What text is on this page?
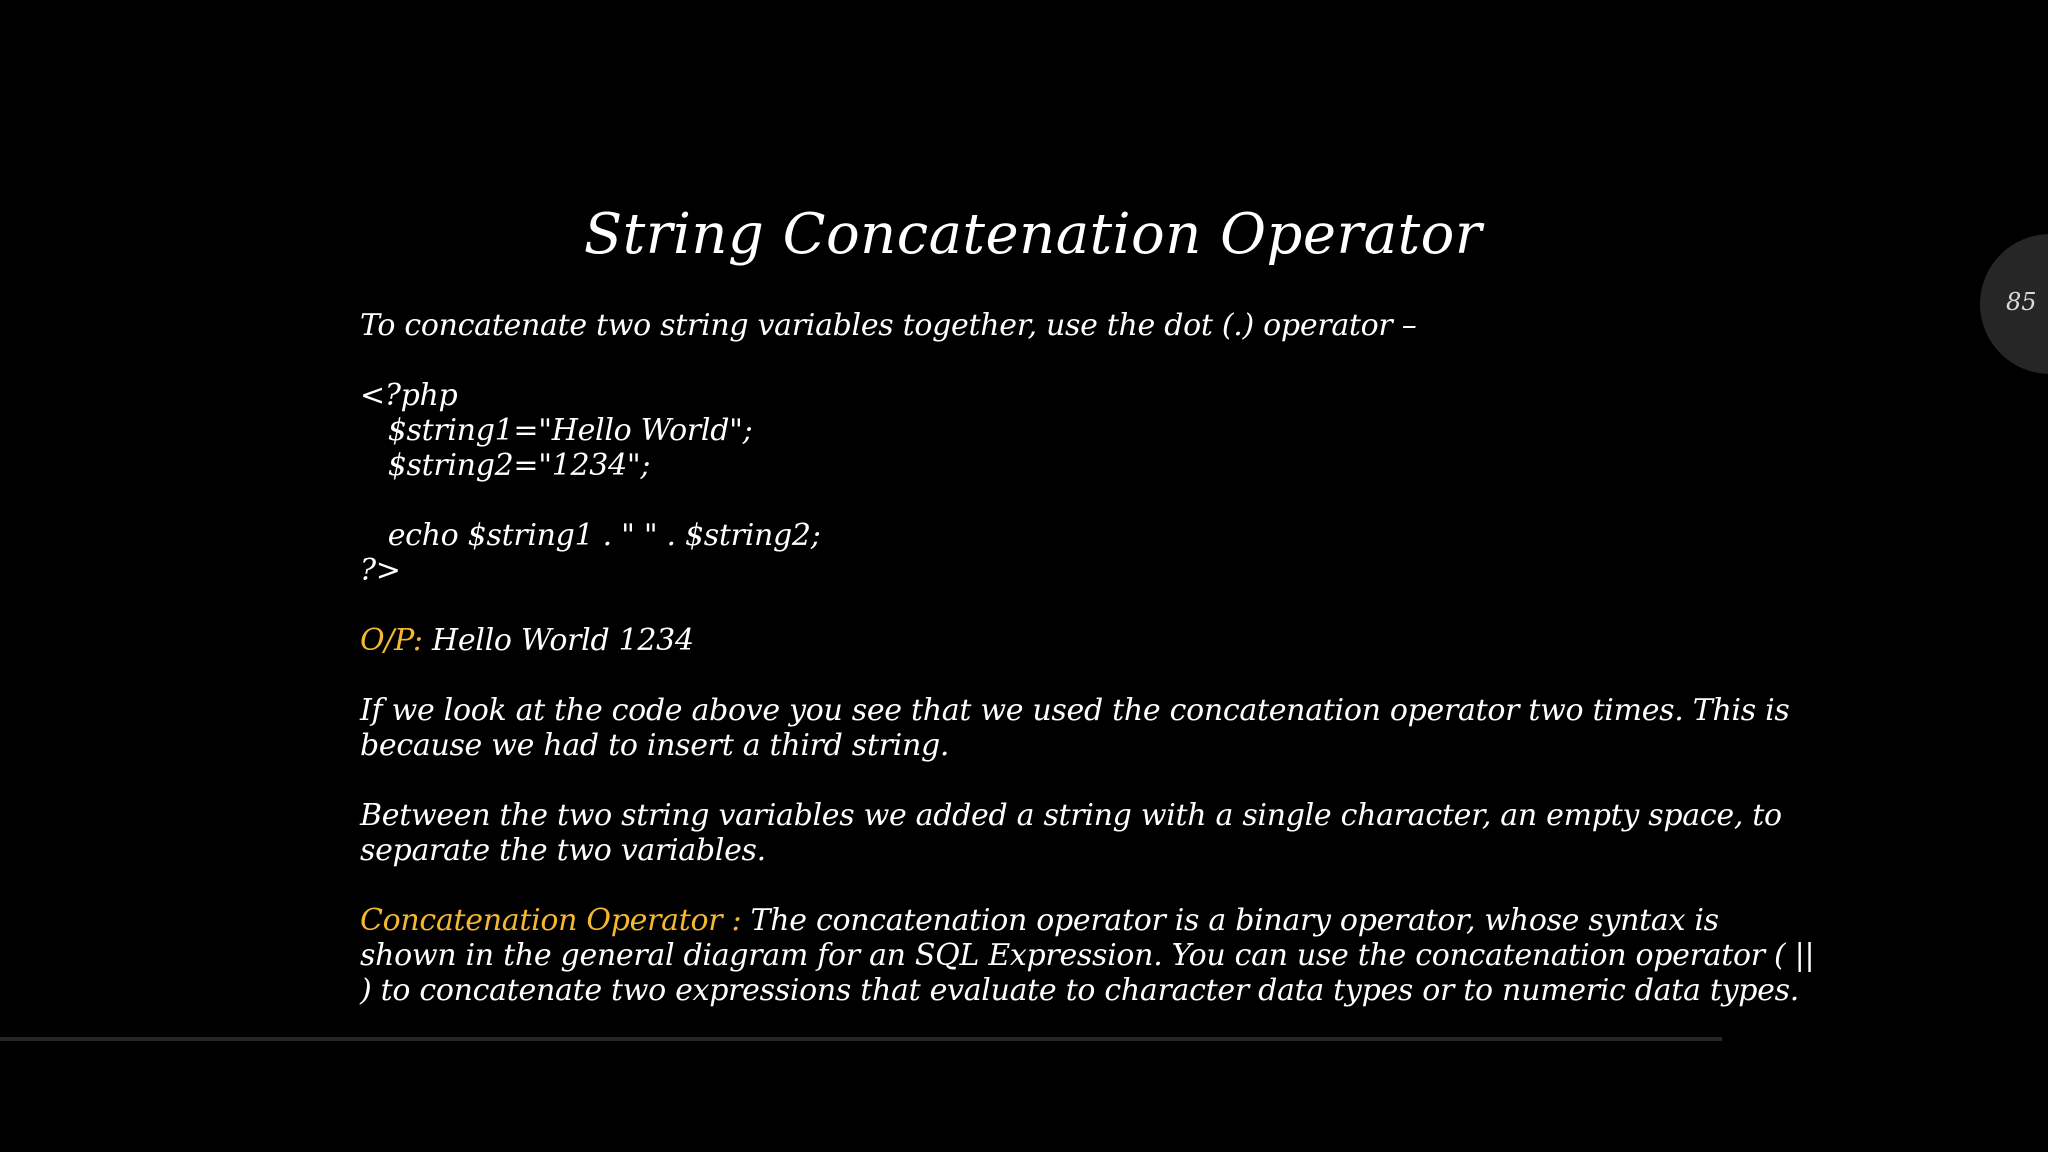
String Concatenation Operator
To concatenate two string variables together, use the dot (.) operator –
<?php
$string1="Hello World";
$string2="1234";
echo $string1 . " " . $string2;
?>
O/P: Hello World 1234
If we look at the code above you see that we used the concatenation operator two times. This is
because we had to insert a third string.
Between the two string variables we added a string with a single character, an empty space, to
separate the two variables.
Concatenation Operator : The concatenation operator is a binary operator, whose syntax is
shown in the general diagram for an SQL Expression. You can use the concatenation operator ( ||
) to concatenate two expressions that evaluate to character data types or to numeric data types.
85
